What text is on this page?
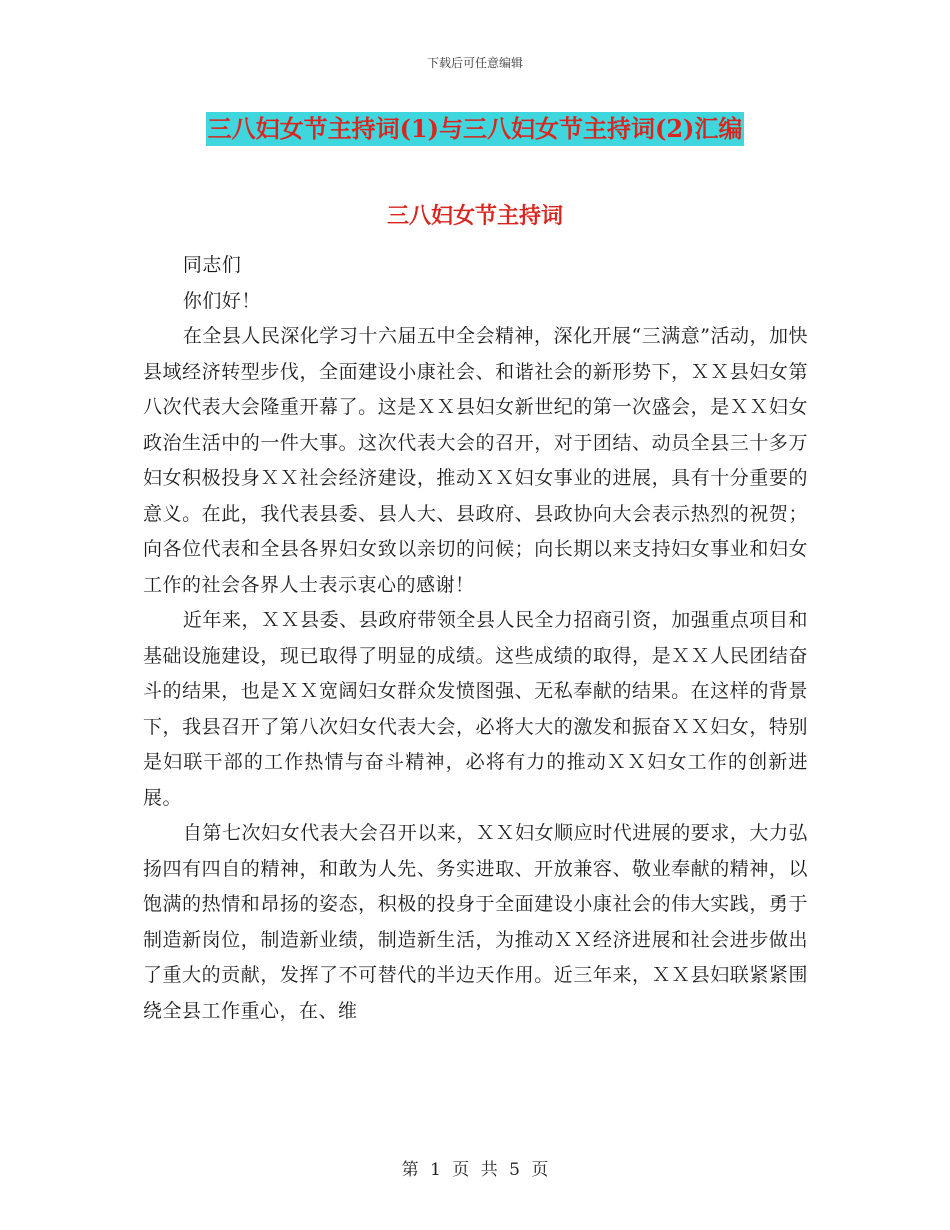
下载后可任意编辑
三八妇女节主持词(1)与三八妇女节主持词(2)汇编
三八妇女节主持词

同志们

你们好！

在全县人民深化学习十六届五中全会精神，深化开展“三满意”活动，加快县域经济转型步伐，全面建设小康社会、和谐社会的新形势下，ＸＸ县妇女第八次代表大会隆重开幕了。这是ＸＸ县妇女新世纪的第一次盛会，是ＸＸ妇女政治生活中的一件大事。这次代表大会的召开，对于团结、动员全县三十多万妇女积极投身ＸＸ社会经济建设，推动ＸＸ妇女事业的进展，具有十分重要的意义。在此，我代表县委、县人大、县政府、县政协向大会表示热烈的祝贺；向各位代表和全县各界妇女致以亲切的问候；向长期以来支持妇女事业和妇女工作的社会各界人士表示衷心的感谢！

近年来，ＸＸ县委、县政府带领全县人民全力招商引资，加强重点项目和基础设施建设，现已取得了明显的成绩。这些成绩的取得，是ＸＸ人民团结奋斗的结果，也是ＸＸ宽阔妇女群众发愤图强、无私奉献的结果。在这样的背景下，我县召开了第八次妇女代表大会，必将大大的激发和振奋ＸＸ妇女，特别是妇联干部的工作热情与奋斗精神，必将有力的推动ＸＸ妇女工作的创新进展。

自第七次妇女代表大会召开以来，ＸＸ妇女顺应时代进展的要求，大力弘扬四有四自的精神，和敢为人先、务实进取、开放兼容、敬业奉献的精神，以饱满的热情和昂扬的姿态，积极的投身于全面建设小康社会的伟大实践，勇于制造新岗位，制造新业绩，制造新生活，为推动ＸＸ经济进展和社会进步做出了重大的贡献，发挥了不可替代的半边天作用。近三年来，ＸＸ县妇联紧紧围绕全县工作重心，在、维

第 1 页 共 5 页
